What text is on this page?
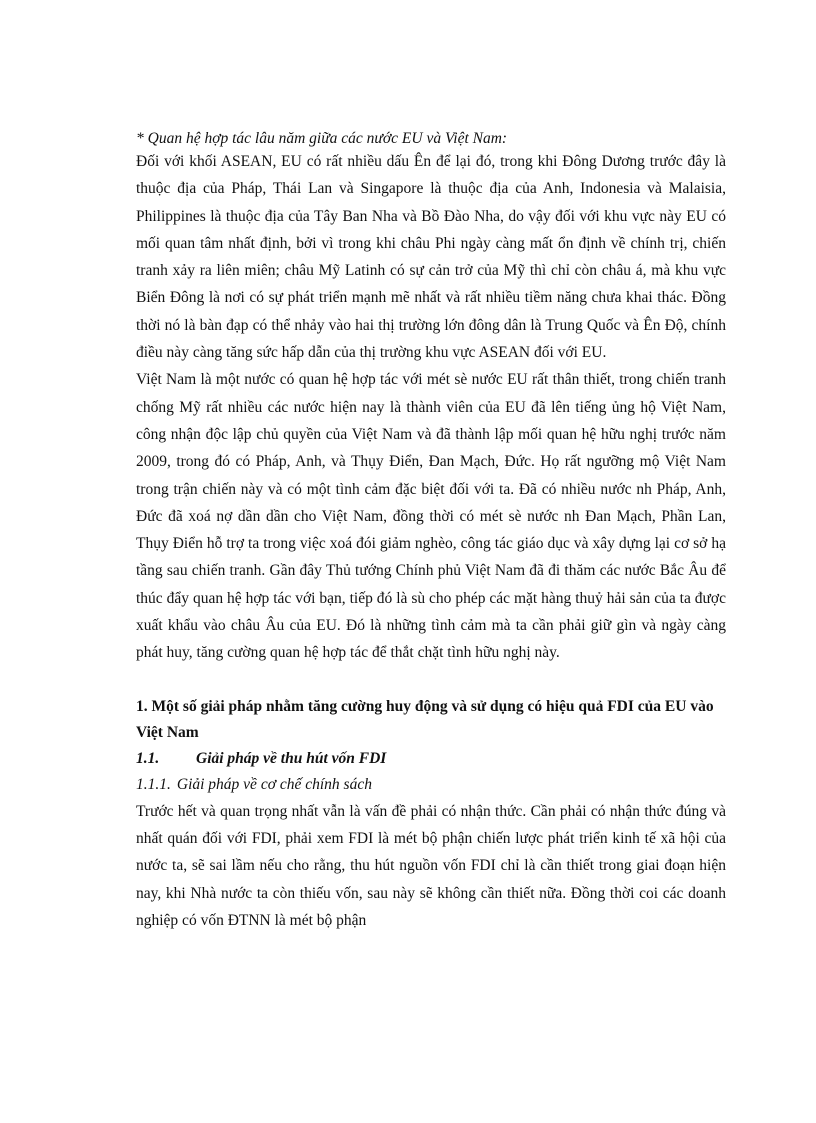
* Quan hệ hợp tác lâu năm giữa các nước EU và Việt Nam:

Đối với khối ASEAN, EU có rất nhiều dấu Ên để lại đó, trong khi Đông Dương trước đây là thuộc địa của Pháp, Thái Lan và Singapore là thuộc địa của Anh, Indonesia và Malaisia, Philippines là thuộc địa của Tây Ban Nha và Bồ Đào Nha, do vậy đối với khu vực này EU có mối quan tâm nhất định, bởi vì trong khi châu Phi ngày càng mất ổn định về chính trị, chiến tranh xảy ra liên miên; châu Mỹ Latinh có sự cản trở của Mỹ thì chỉ còn châu á, mà khu vực Biển Đông là nơi có sự phát triển mạnh mẽ nhất và rất nhiều tiềm năng chưa khai thác. Đồng thời nó là bàn đạp có thể nhảy vào hai thị trường lớn đông dân là Trung Quốc và Ên Độ, chính điều này càng tăng sức hấp dẫn của thị trường khu vực ASEAN đối với EU.

Việt Nam là một nước có quan hệ hợp tác với mét sè nước EU rất thân thiết, trong chiến tranh chống Mỹ rất nhiều các nước hiện nay là thành viên của EU đã lên tiếng ủng hộ Việt Nam, công nhận độc lập chủ quyền của Việt Nam và đã thành lập mối quan hệ hữu nghị trước năm 2009, trong đó có Pháp, Anh, và Thụy Điển, Đan Mạch, Đức. Họ rất ngưỡng mộ Việt Nam trong trận chiến này và có một tình cảm đặc biệt đối với ta. Đã có nhiều nước nh Pháp, Anh, Đức đã xoá nợ dần dần cho Việt Nam, đồng thời có mét sè nước nh Đan Mạch, Phần Lan, Thụy Điển hỗ trợ ta trong việc xoá đói giảm nghèo, công tác giáo dục và xây dựng lại cơ sở hạ tầng sau chiến tranh. Gần đây Thủ tướng Chính phủ Việt Nam đã đi thăm các nước Bắc Âu để thúc đẩy quan hệ hợp tác với bạn, tiếp đó là sù cho phép các mặt hàng thuỷ hải sản của ta được xuất khẩu vào châu Âu của EU. Đó là những tình cảm mà ta cần phải giữ gìn và ngày càng phát huy, tăng cường quan hệ hợp tác để thắt chặt tình hữu nghị này.

1. Một số giải pháp nhằm tăng cường huy động và sử dụng có hiệu quả FDI của EU vào Việt Nam

1.1.	Giải pháp về thu hút vốn FDI

1.1.1. Giải pháp về cơ chế chính sách

Trước hết và quan trọng nhất vẫn là vấn đề phải có nhận thức. Cần phải có nhận thức đúng và nhất quán đối với FDI, phải xem FDI là mét bộ phận chiến lược phát triển kinh tế xã hội của nước ta, sẽ sai lầm nếu cho rằng, thu hút nguồn vốn FDI chỉ là cần thiết trong giai đoạn hiện nay, khi Nhà nước ta còn thiếu vốn, sau này sẽ không cần thiết nữa. Đồng thời coi các doanh nghiệp có vốn ĐTNN là mét bộ phận
